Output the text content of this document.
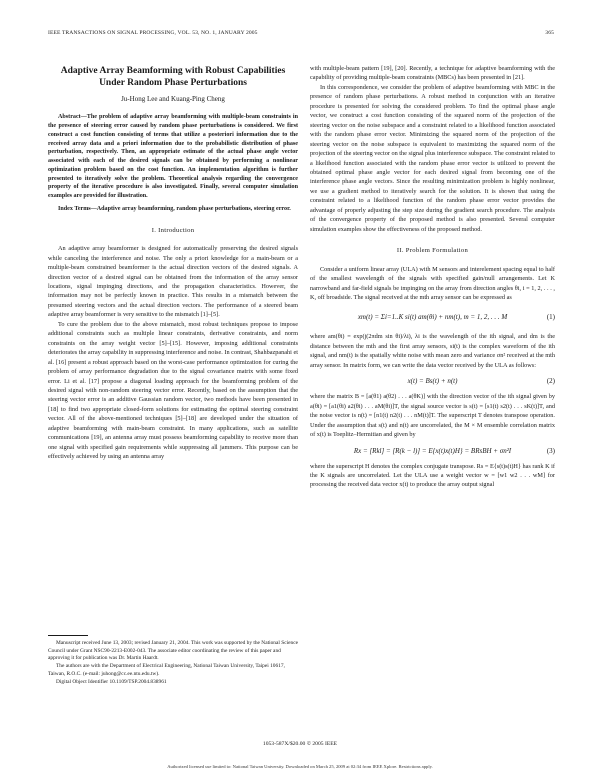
IEEE TRANSACTIONS ON SIGNAL PROCESSING, VOL. 53, NO. 1, JANUARY 2005	365
Adaptive Array Beamforming with Robust Capabilities Under Random Phase Perturbations
Ju-Hong Lee and Kuang-Ping Cheng

Abstract—The problem of adaptive array beamforming with multiple-beam constraints in the presence of steering error caused by random phase perturbations is considered. We first construct a cost function consisting of terms that utilize a posteriori information due to the received array data and a priori information due to the probabilistic distribution of phase perturbation, respectively. Then, an appropriate estimate of the actual phase angle vector associated with each of the desired signals can be obtained by performing a nonlinear optimization problem based on the cost function. An implementation algorithm is further presented to iteratively solve the problem. Theoretical analysis regarding the convergence property of the iterative procedure is also investigated. Finally, several computer simulation examples are provided for illustration.

Index Terms—Adaptive array beamforming, random phase perturbations, steering error.

I. Introduction

An adaptive array beamformer is designed for automatically preserving the desired signals while canceling the interference and noise. The only a priori knowledge for a main-beam or a multiple-beam constrained beamformer is the actual direction vectors of the desired signals. A direction vector of a desired signal can be obtained from the information of the array sensor locations, signal impinging directions, and the propagation characteristics. However, the information may not be perfectly known in practice. This results in a mismatch between the presumed steering vectors and the actual direction vectors. The performance of a steered beam adaptive array beamformer is very sensitive to the mismatch [1]–[5].

To cure the problem due to the above mismatch, most robust techniques propose to impose additional constraints such as multiple linear constraints, derivative constraints, and norm constraints on the array weight vector [5]–[15]. However, imposing additional constraints deteriorates the array capability in suppressing interference and noise. In contrast, Shahbazpanahi et al. [16] present a robust approach based on the worst-case performance optimization for curing the problem of array performance degradation due to the signal covariance matrix with some fixed error. Li et al. [17] propose a diagonal loading approach for the beamforming problem of the desired signal with non-random steering vector error. Recently, based on the assumption that the steering vector error is an additive Gaussian random vector, two methods have been presented in [18] to find two appropriate closed-form solutions for estimating the optimal steering constraint vector. All of the above-mentioned techniques [5]–[18] are developed under the situation of adaptive beamforming with main-beam constraint. In many applications, such as satellite communications [19], an antenna array must possess beamforming capability to receive more than one signal with specified gain requirements while suppressing all jammers. This purpose can be effectively achieved by using an antenna array

Manuscript received June 13, 2003; revised January 21, 2004. This work was supported by the National Science Council under Grant NSC90-2213-E002-043. The associate editor coordinating the review of this paper and approving it for publication was Dr. Martin Haardt.

The authors are with the Department of Electrical Engineering, National Taiwan University, Taipei 10617, Taiwan, R.O.C. (e-mail: juhong@cc.ee.ntu.edu.tw).

Digital Object Identifier 10.1109/TSP.2004.838961

with multiple-beam pattern [19], [20]. Recently, a technique for adaptive beamforming with the capability of providing multiple-beam constraints (MBCs) has been presented in [21].

In this correspondence, we consider the problem of adaptive beamforming with MBC in the presence of random phase perturbations. A robust method in conjunction with an iterative procedure is presented for solving the considered problem. To find the optimal phase angle vector, we construct a cost function consisting of the squared norm of the projection of the steering vector on the noise subspace and a constraint related to a likelihood function associated with the random phase error vector. Minimizing the squared norm of the projection of the steering vector on the noise subspace is equivalent to maximizing the squared norm of the projection of the steering vector on the signal plus interference subspace. The constraint related to a likelihood function associated with the random phase error vector is utilized to prevent the obtained optimal phase angle vector for each desired signal from becoming one of the interference phase angle vectors. Since the resulting minimization problem is highly nonlinear, we use a gradient method to iteratively search for the solution. It is shown that using the constraint related to a likelihood function of the random phase error vector provides the advantage of properly adjusting the step size during the gradient search procedure. The analysis of the convergence property of the proposed method is also presented. Several computer simulation examples show the effectiveness of the proposed method.

II. Problem Formulation

Consider a uniform linear array (ULA) with M sensors and interelement spacing equal to half of the smallest wavelength of the signals with specified gain/null arrangements. Let K narrowband and far-field signals be impinging on the array from direction angles θi, i = 1, 2, . . . , K, off broadside. The signal received at the mth array sensor can be expressed as

xm(t) = Σi=1..K si(t) am(θi) + nm(t), m = 1, 2, . . . M	(1)

where am(θi) = exp(j(2πdm sin θi)/λi), λi is the wavelength of the ith signal, and dm is the distance between the mth and the first array sensors, si(t) is the complex waveform of the ith signal, and nm(t) is the spatially white noise with mean zero and variance σn² received at the mth array sensor. In matrix form, we can write the data vector received by the ULA as follows:

x(t) = Bs(t) + n(t)	(2)

where the matrix B = [a(θ1) a(θ2) . . . a(θK)] with the direction vector of the ith signal given by a(θi) = [a1(θi) a2(θi) . . . aM(θi)]T, the signal source vector is s(t) = [s1(t) s2(t) . . . sK(t)]T, and the noise vector is n(t) = [n1(t) n2(t) . . . nM(t)]T. The superscript T denotes transpose operation. Under the assumption that s(t) and n(t) are uncorrelated, the M × M ensemble correlation matrix of x(t) is Toeplitz–Hermitian and given by

Rx = [Rkl] = [R(k − l)] = E{x(t)x(t)H} = BRsBH + σn²I	(3)

where the superscript H denotes the complex conjugate transpose. Rs = E{s(t)s(t)H} has rank K if the K signals are uncorrelated. Let the ULA use a weight vector w = [w1 w2 . . . wM] for processing the received data vector x(t) to produce the array output signal

1053-587X/$20.00 © 2005 IEEE
Authorized licensed use limited to: National Taiwan University. Downloaded on March 25, 2009 at 02:34 from IEEE Xplore. Restrictions apply.
